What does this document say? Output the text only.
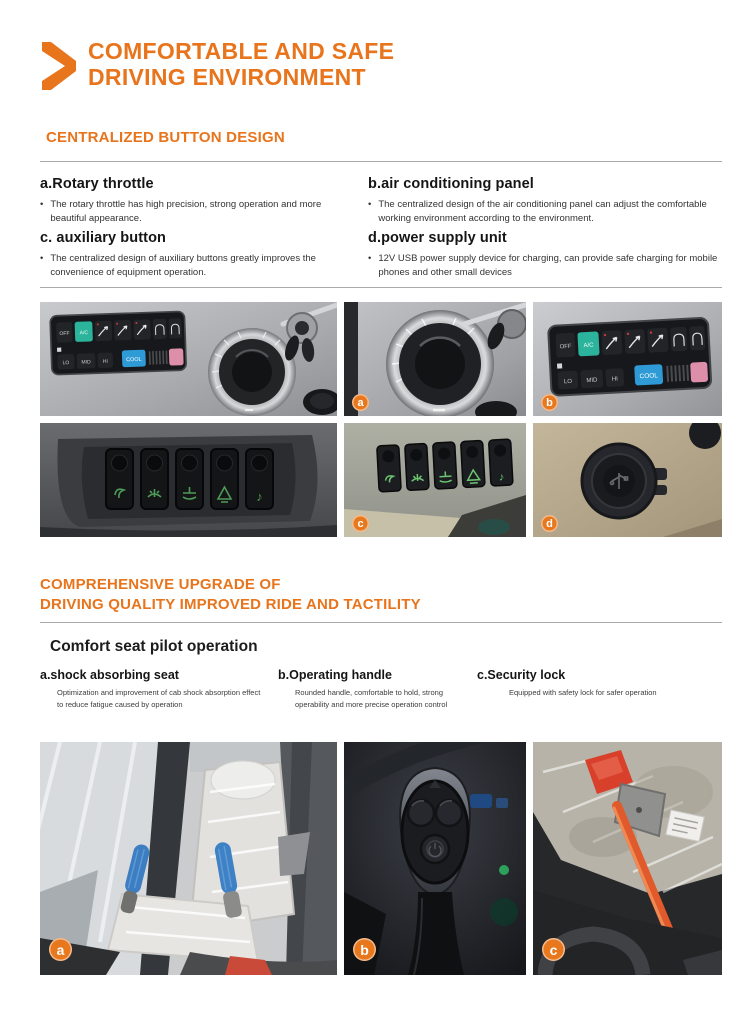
COMFORTABLE AND SAFE
DRIVING ENVIRONMENT
CENTRALIZED BUTTON DESIGN
a.Rotary throttle
• The rotary throttle has high precision, strong operation and more beautiful appearance.

b.air conditioning panel
• The centralized design of the air conditioning panel can adjust the comfortable working environment according to the environment.

c. auxiliary button
• The centralized design of auxiliary buttons greatly improves the convenience of equipment operation.

d.power supply unit
• 12V USB power supply device for charging, can provide safe charging for mobile phones and other small devices

OFF A/C
LO MID HI	COOL
a
OFF A/C
LO MID HI	COOL
b
♪
♪
c	d
COMPREHENSIVE UPGRADE OF
DRIVING QUALITY IMPROVED RIDE AND TACTILITY
Comfort seat pilot operation
a.shock absorbing seat

Optimization and improvement of cab shock absorption effect to reduce fatigue caused by operation

b.Operating handle

Rounded handle, comfortable to hold, strong operability and more precise operation control

c.Security lock

Equipped with safety lock for safer operation

a	b	c
